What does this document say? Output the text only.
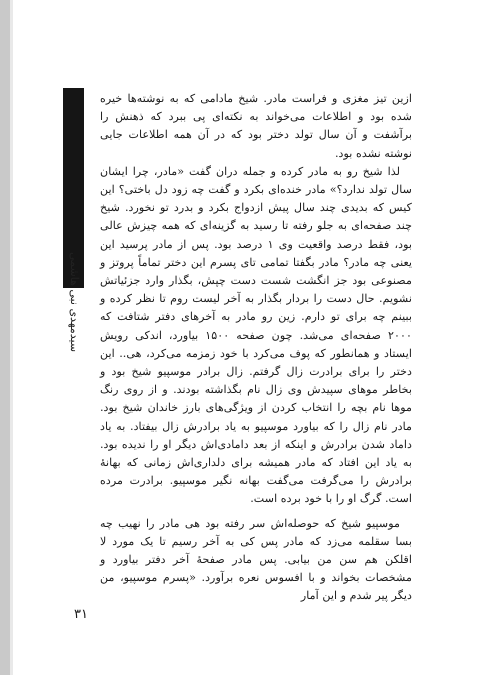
سید‌مهدی نبی هاشمی

ازین تیز مغزی و فراست مادر. شیخ مادامی که به نوشته‌ها خیره شده بود و اطلاعات می‌خواند به نکته‌ای پی ببرد که ذهنش را برآشفت و آن سال تولد دختر بود که در آن همه اطلاعات جایی نوشته نشده بود.

لذا شیخ رو به مادر کرده و جمله دران گفت «مادر، چرا ایشان سال تولد ندارد؟» مادر خنده‌ای بکرد و گفت چه زود دل باختی؟ این کیس که بدیدی چند سال پیش ازدواج بکرد و بدرد تو نخورد. شیخ چند صفحه‌ای به جلو رفته تا رسید به گزینه‌ای که همه چیزش عالی بود، فقط درصد واقعیت وی ۱ درصد بود. پس از مادر پرسید این یعنی چه مادر؟ مادر بگفتا تمامی تای پسرم این دختر تماماً پروتز و مصنوعی بود جز انگشت شست دست چپش، بگذار وارد جزئیاتش نشویم. حال دست را بردار بگذار به آخر لیست روم تا نظر کرده و ببینم چه برای تو دارم. زین رو مادر به آخرهای دفتر شتافت که ۲۰۰۰ صفحه‌ای می‌شد. چون صفحه ۱۵۰۰ بیاورد، اندکی رویش ایستاد و همانطور که پوف می‌کرد با خود زمزمه می‌کرد، هی.. این دختر را برای برادرت زال گرفتم. زال برادر موسپیو شیخ بود و بخاطر موهای سپیدش وی زال نام بگذاشته بودند. و از روی رنگ موها نام بچه را انتخاب کردن از ویژگی‌های بارز خاندان شیخ بود. مادر نام زال را که بیاورد موسپیو به یاد برادرش زال بیفتاد. به یاد داماد شدن برادرش و اینکه از بعد دامادی‌اش دیگر او را ندیده بود. به یاد این افتاد که مادر همیشه برای دلداری‌اش زمانی که بهانهٔ برادرش را می‌گرفت می‌گفت بهانه نگیر موسپیو. برادرت مرده است. گرگ او را با خود برده است.

موسپیو شیخ که حوصله‌اش سر رفته بود هی مادر را نهیب چه بسا سقلمه می‌زد که مادر پس کی به آخر رسیم تا یک مورد لا اقلکن هم سن من بیابی. پس مادر صفحهٔ آخر دفتر بیاورد و مشخصات بخواند و با افسوس نعره برآورد. «پسرم موسپیو، من دیگر پیر شدم و این آمار

۳۱
